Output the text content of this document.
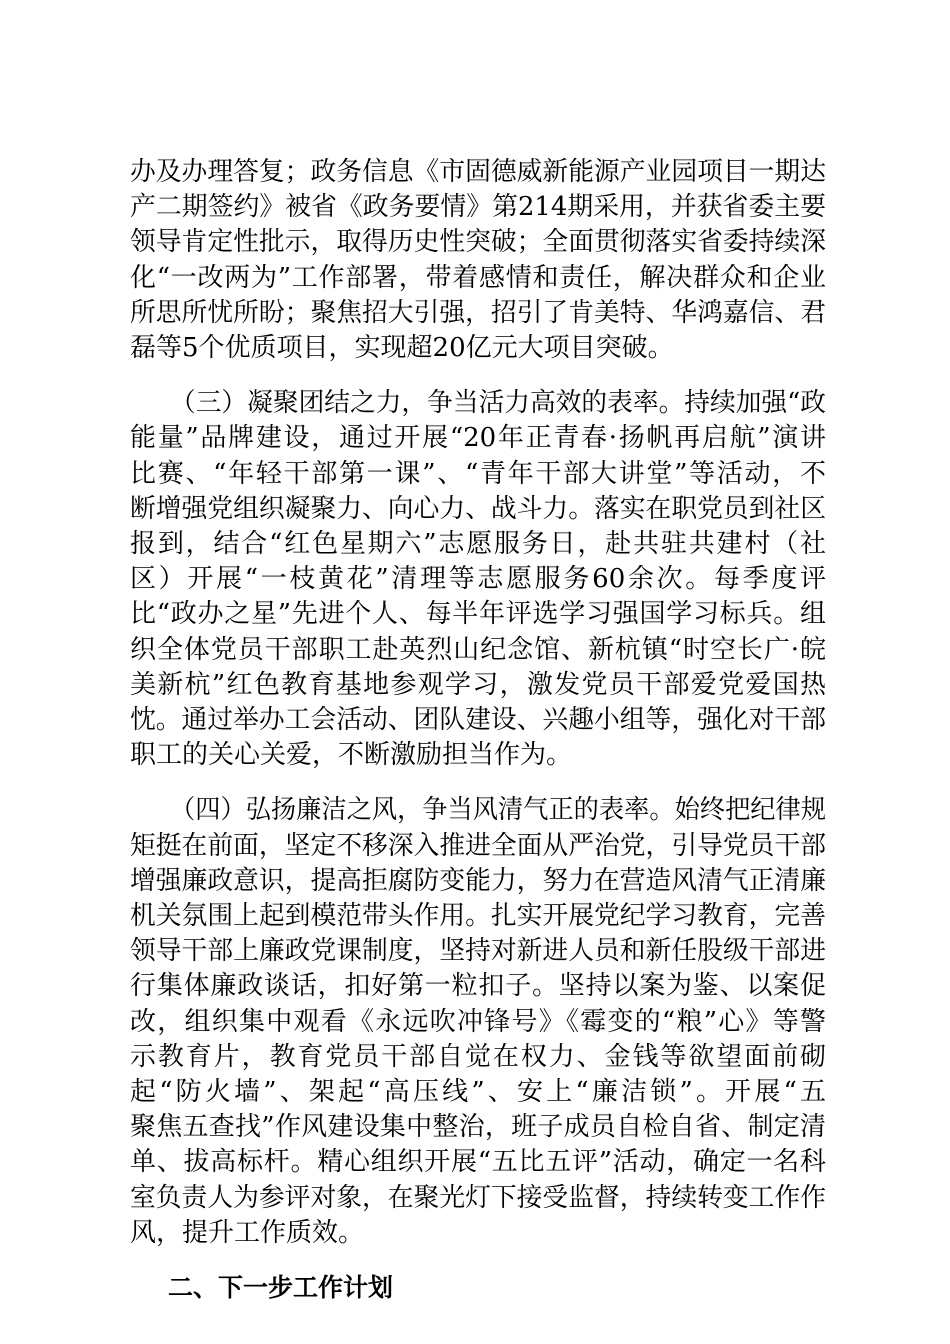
办及办理答复；政务信息《市固德威新能源产业园项目一期达
产二期签约》被省《政务要情》第214期采用，并获省委主要
领导肯定性批示，取得历史性突破；全面贯彻落实省委持续深
化“一改两为”工作部署，带着感情和责任，解决群众和企业
所思所忧所盼；聚焦招大引强，招引了肯美特、华鸿嘉信、君
磊等5个优质项目，实现超20亿元大项目突破。
（三）凝聚团结之力，争当活力高效的表率。持续加强“政
能量”品牌建设，通过开展“20年正青春·扬帆再启航”演讲
比赛、“年轻干部第一课”、“青年干部大讲堂”等活动，不
断增强党组织凝聚力、向心力、战斗力。落实在职党员到社区
报到，结合“红色星期六”志愿服务日，赴共驻共建村（社
区）开展“一枝黄花”清理等志愿服务60余次。每季度评
比“政办之星”先进个人、每半年评选学习强国学习标兵。组
织全体党员干部职工赴英烈山纪念馆、新杭镇“时空长广·皖
美新杭”红色教育基地参观学习，激发党员干部爱党爱国热
忱。通过举办工会活动、团队建设、兴趣小组等，强化对干部
职工的关心关爱，不断激励担当作为。
（四）弘扬廉洁之风，争当风清气正的表率。始终把纪律规
矩挺在前面，坚定不移深入推进全面从严治党，引导党员干部
增强廉政意识，提高拒腐防变能力，努力在营造风清气正清廉
机关氛围上起到模范带头作用。扎实开展党纪学习教育，完善
领导干部上廉政党课制度，坚持对新进人员和新任股级干部进
行集体廉政谈话，扣好第一粒扣子。坚持以案为鉴、以案促
改，组织集中观看《永远吹冲锋号》《霉变的“粮”心》等警
示教育片，教育党员干部自觉在权力、金钱等欲望面前砌
起“防火墙”、架起“高压线”、安上“廉洁锁”。开展“五
聚焦五查找”作风建设集中整治，班子成员自检自省、制定清
单、拔高标杆。精心组织开展“五比五评”活动，确定一名科
室负责人为参评对象，在聚光灯下接受监督，持续转变工作作
风，提升工作质效。
二、下一步工作计划
